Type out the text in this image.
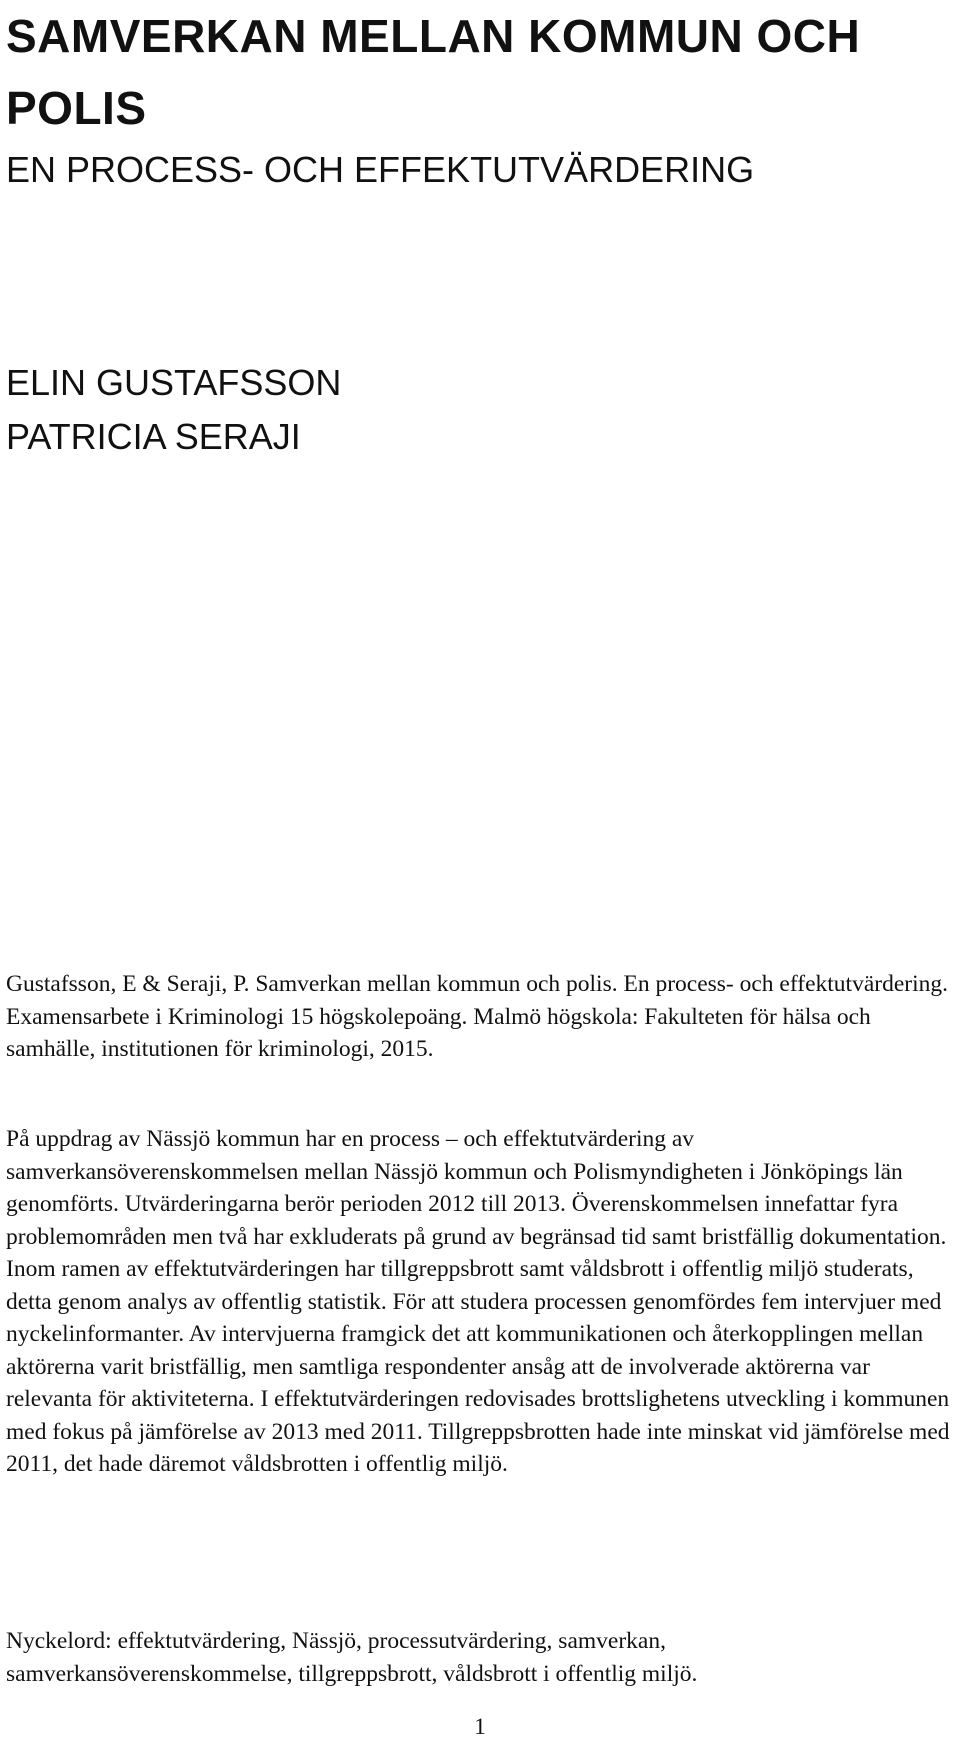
SAMVERKAN MELLAN KOMMUN OCH POLIS
EN PROCESS- OCH EFFEKTUTVÄRDERING
ELIN GUSTAFSSON
PATRICIA SERAJI

Gustafsson, E & Seraji, P. Samverkan mellan kommun och polis. En process- och effektutvärdering. Examensarbete i Kriminologi 15 högskolepoäng. Malmö högskola: Fakulteten för hälsa och samhälle, institutionen för kriminologi, 2015.

På uppdrag av Nässjö kommun har en process – och effektutvärdering av samverkansöverenskommelsen mellan Nässjö kommun och Polismyndigheten i Jönköpings län genomförts. Utvärderingarna berör perioden 2012 till 2013. Överenskommelsen innefattar fyra problemområden men två har exkluderats på grund av begränsad tid samt bristfällig dokumentation. Inom ramen av effektutvärderingen har tillgreppsbrott samt våldsbrott i offentlig miljö studerats, detta genom analys av offentlig statistik. För att studera processen genomfördes fem intervjuer med nyckelinformanter. Av intervjuerna framgick det att kommunikationen och återkopplingen mellan aktörerna varit bristfällig, men samtliga respondenter ansåg att de involverade aktörerna var relevanta för aktiviteterna. I effektutvärderingen redovisades brottslighetens utveckling i kommunen med fokus på jämförelse av 2013 med 2011. Tillgreppsbrotten hade inte minskat vid jämförelse med 2011, det hade däremot våldsbrotten i offentlig miljö.

Nyckelord: effektutvärdering, Nässjö, processutvärdering, samverkan, samverkansöverenskommelse, tillgreppsbrott, våldsbrott i offentlig miljö.

1
